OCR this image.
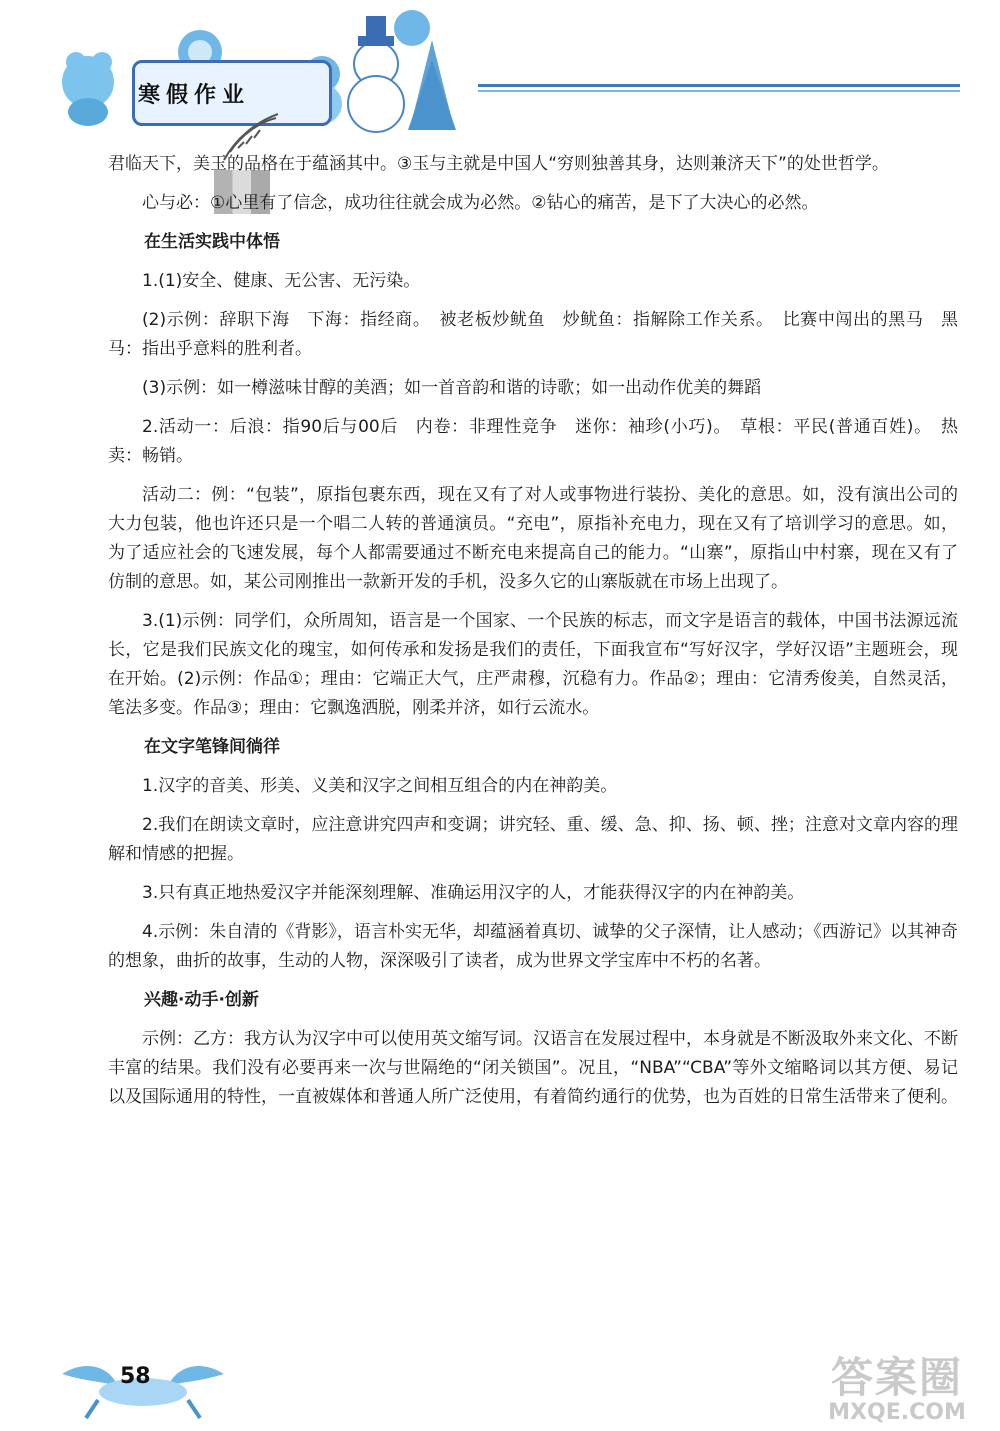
寒假作业

君临天下，美玉的品格在于蕴涵其中。③玉与主就是中国人“穷则独善其身，达则兼济天下”的处世哲学。

心与必：①心里有了信念，成功往往就会成为必然。②钻心的痛苦，是下了大决心的必然。

在生活实践中体悟

1.(1)安全、健康、无公害、无污染。

(2)示例：辞职下海　下海：指经商。　被老板炒鱿鱼　炒鱿鱼：指解除工作关系。　比赛中闯出的黑马　黑马：指出乎意料的胜利者。

(3)示例：如一樽滋味甘醇的美酒；如一首音韵和谐的诗歌；如一出动作优美的舞蹈

2.活动一：后浪：指90后与00后　内卷：非理性竞争　迷你：袖珍(小巧)。　草根：平民(普通百姓)。　热卖：畅销。

活动二：例：“包装”，原指包裹东西，现在又有了对人或事物进行装扮、美化的意思。如，没有演出公司的大力包装，他也许还只是一个唱二人转的普通演员。“充电”，原指补充电力，现在又有了培训学习的意思。如，为了适应社会的飞速发展，每个人都需要通过不断充电来提高自己的能力。“山寨”，原指山中村寨，现在又有了仿制的意思。如，某公司刚推出一款新开发的手机，没多久它的山寨版就在市场上出现了。

3.(1)示例：同学们，众所周知，语言是一个国家、一个民族的标志，而文字是语言的载体，中国书法源远流长，它是我们民族文化的瑰宝，如何传承和发扬是我们的责任，下面我宣布“写好汉字，学好汉语”主题班会，现在开始。(2)示例：作品①；理由：它端正大气，庄严肃穆，沉稳有力。作品②；理由：它清秀俊美，自然灵活，笔法多变。作品③；理由：它飘逸洒脱，刚柔并济，如行云流水。

在文字笔锋间徜徉

1.汉字的音美、形美、义美和汉字之间相互组合的内在神韵美。

2.我们在朗读文章时，应注意讲究四声和变调；讲究轻、重、缓、急、抑、扬、顿、挫；注意对文章内容的理解和情感的把握。

3.只有真正地热爱汉字并能深刻理解、准确运用汉字的人，才能获得汉字的内在神韵美。

4.示例：朱自清的《背影》，语言朴实无华，却蕴涵着真切、诚挚的父子深情，让人感动；《西游记》以其神奇的想象，曲折的故事，生动的人物，深深吸引了读者，成为世界文学宝库中不朽的名著。

兴趣·动手·创新

示例：乙方：我方认为汉字中可以使用英文缩写词。汉语言在发展过程中，本身就是不断汲取外来文化、不断丰富的结果。我们没有必要再来一次与世隔绝的“闭关锁国”。况且，“NBA”“CBA”等外文缩略词以其方便、易记以及国际通用的特性，一直被媒体和普通人所广泛使用，有着简约通行的优势，也为百姓的日常生活带来了便利。

58	答案圈
MXQE.COM
